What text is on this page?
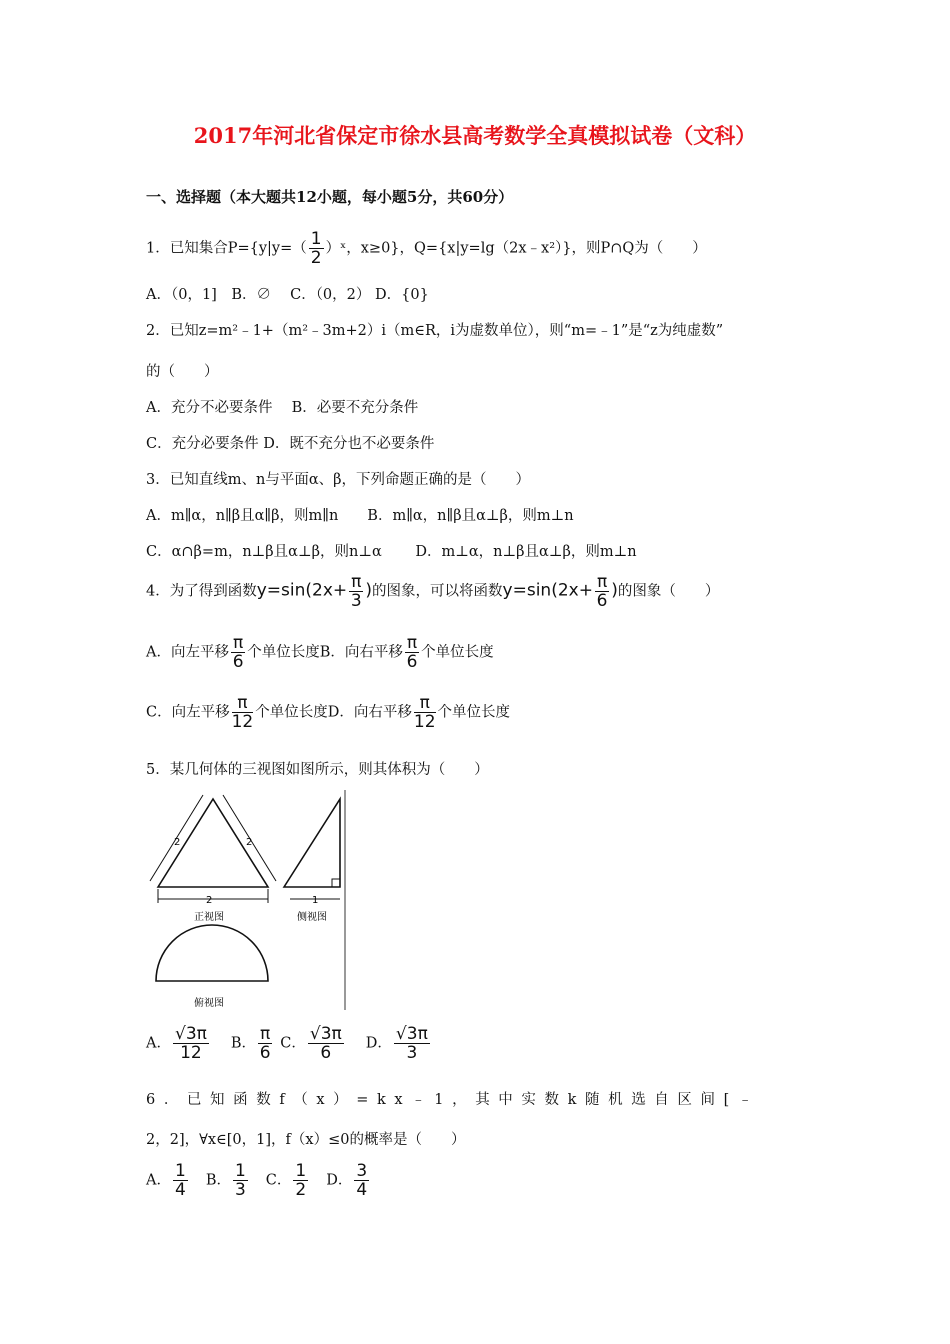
2017年河北省保定市徐水县高考数学全真模拟试卷（文科）
一、选择题（本大题共12小题，每小题5分，共60分）
1．已知集合$P=\{y|y=( \frac{1}{2}$ ）ˣ，x≥0}，Q={x|y=lg（2x﹣x²）}，则P∩Q为（　　）
A．（0，1]　B．∅　 C．（0，2） D．{0}
2．已知z=m²﹣1+（m²﹣3m+2）i（m∈R，i为虚数单位），则“m=﹣1”是“z为纯虚数”
的（　　）
A．充分不必要条件　 B．必要不充分条件
C．充分必要条件 D．既不充分也不必要条件
3．已知直线m、n与平面α、β，下列命题正确的是（　　）
A．m∥α，n∥β且α∥β，则m∥n　　B．m∥α，n∥β且α⊥β，则m⊥n
C．α∩β=m，n⊥β且α⊥β，则n⊥α　　 D．m⊥α，n⊥β且α⊥β，则m⊥n
4．为了得到函数$y=\sin(2x+ \frac{\pi}{3}$ )的图象，可以将函数$y=\sin(2x+ \frac{\pi}{6}$ )的图象（　　）
A．向左平移 $\frac{\pi}{6}$ 个单位长度B．向右平移 $\frac{\pi}{6}$ 个单位长度
C．向左平移 $\frac{\pi}{12}$ 个单位长度D．向右平移 $\frac{\pi}{12}$ 个单位长度
5．某几何体的三视图如图所示，则其体积为（　　）
2	2
2
正视图
1
侧视图
俯视图
A． $\frac{√3\pi}{12}$ B． $\frac{\pi}{6}$ C． $\frac{√3\pi}{6}$ D． $\frac{√3\pi}{3}$
6．已知函数f（x）=kx﹣1，其中实数k随机选自区间[﹣
2，2]，∀x∈[0，1]，f（x）≤0的概率是（　　）
A． $\frac{1}{4}$ B． $\frac{1}{3}$ C． $\frac{1}{2}$ D． $\frac{3}{4}$
